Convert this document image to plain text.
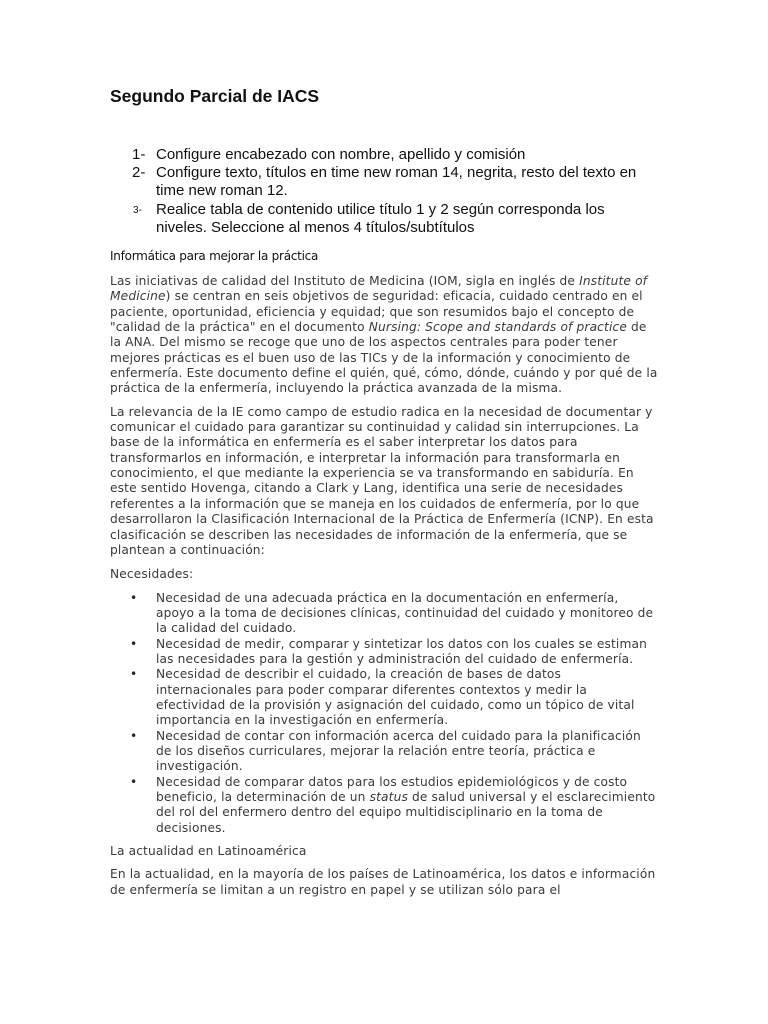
Segundo Parcial de IACS
1- Configure encabezado con nombre, apellido y comisión
2- Configure texto, títulos en time new roman 14, negrita, resto del texto en time new roman 12.
3- Realice tabla de contenido utilice título 1 y 2 según corresponda los niveles. Seleccione al menos 4 títulos/subtítulos
Informática para mejorar la práctica

Las iniciativas de calidad del Instituto de Medicina (IOM, sigla en inglés de Institute of Medicine) se centran en seis objetivos de seguridad: eficacia, cuidado centrado en el paciente, oportunidad, eficiencia y equidad; que son resumidos bajo el concepto de "calidad de la práctica" en el documento Nursing: Scope and standards of practice de la ANA. Del mismo se recoge que uno de los aspectos centrales para poder tener mejores prácticas es el buen uso de las TICs y de la información y conocimiento de enfermería. Este documento define el quién, qué, cómo, dónde, cuándo y por qué de la práctica de la enfermería, incluyendo la práctica avanzada de la misma.

La relevancia de la IE como campo de estudio radica en la necesidad de documentar y comunicar el cuidado para garantizar su continuidad y calidad sin interrupciones. La base de la informática en enfermería es el saber interpretar los datos para transformarlos en información, e interpretar la información para transformarla en conocimiento, el que mediante la experiencia se va transformando en sabiduría. En este sentido Hovenga, citando a Clark y Lang, identifica una serie de necesidades referentes a la información que se maneja en los cuidados de enfermería, por lo que desarrollaron la Clasificación Internacional de la Práctica de Enfermería (ICNP). En esta clasificación se describen las necesidades de información de la enfermería, que se plantean a continuación:

Necesidades:

• Necesidad de una adecuada práctica en la documentación en enfermería, apoyo a la toma de decisiones clínicas, continuidad del cuidado y monitoreo de la calidad del cuidado.
• Necesidad de medir, comparar y sintetizar los datos con los cuales se estiman las necesidades para la gestión y administración del cuidado de enfermería.
• Necesidad de describir el cuidado, la creación de bases de datos internacionales para poder comparar diferentes contextos y medir la efectividad de la provisión y asignación del cuidado, como un tópico de vital importancia en la investigación en enfermería.
• Necesidad de contar con información acerca del cuidado para la planificación de los diseños curriculares, mejorar la relación entre teoría, práctica e investigación.
• Necesidad de comparar datos para los estudios epidemiológicos y de costo beneficio, la determinación de un status de salud universal y el esclarecimiento del rol del enfermero dentro del equipo multidisciplinario en la toma de decisiones.

La actualidad en Latinoamérica

En la actualidad, en la mayoría de los países de Latinoamérica, los datos e información de enfermería se limitan a un registro en papel y se utilizan sólo para el
